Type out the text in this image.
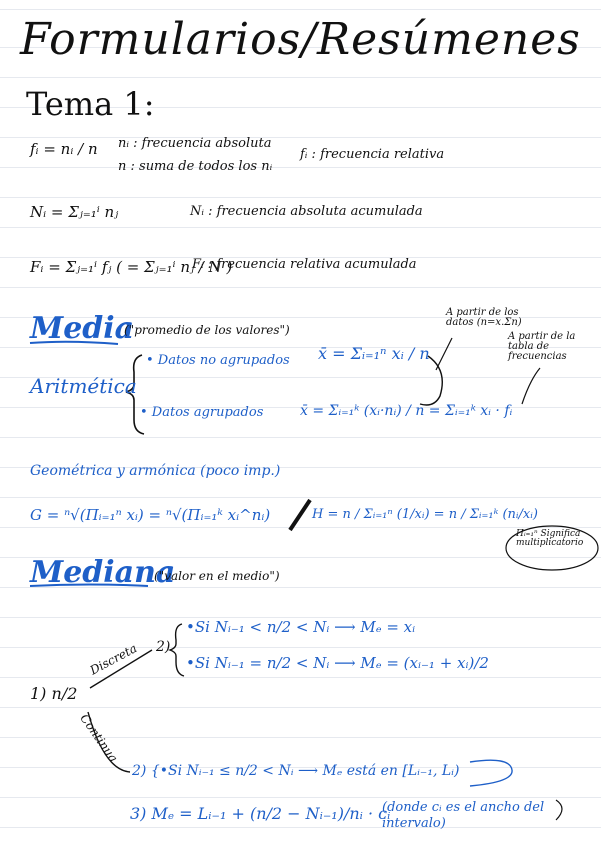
Formularios/Resúmenes
Tema 1:
fᵢ = nᵢ / n nᵢ : frecuencia absoluta
n : suma de todos los nᵢ
fᵢ : frecuencia relativa
Nᵢ = Σⱼ₌₁ⁱ nⱼ	Nᵢ : frecuencia absoluta acumulada
Fᵢ = Σⱼ₌₁ⁱ fⱼ ( = Σⱼ₌₁ⁱ nⱼ / N )
Fᵢ : frecuencia relativa acumulada
Media
("promedio de los valores")
A partir de los datos (n=x.Σn)
A partir de la tabla de frecuencias
Aritmética
• Datos no agrupados x̄ = Σᵢ₌₁ⁿ xᵢ / n
• Datos agrupados	x̄ = Σᵢ₌₁ᵏ (xᵢ·nᵢ) / n = Σᵢ₌₁ᵏ xᵢ · fᵢ
Geométrica y armónica (poco imp.)
G = ⁿ√(Πᵢ₌₁ⁿ xᵢ) = ⁿ√(Πᵢ₌₁ᵏ xᵢ^nᵢ)	H = n / Σᵢ₌₁ⁿ (1/xᵢ) = n / Σᵢ₌₁ᵏ (nᵢ/xᵢ)
Πᵢ₌₁ⁿ Significa multiplicatorio
Mediana
("valor en el medio")
1) n/2
Discreta
Continua
2)
•Si Nᵢ₋₁ < n/2 < Nᵢ ⟶ Mₑ = xᵢ
•Si Nᵢ₋₁ = n/2 < Nᵢ ⟶ Mₑ = (xᵢ₋₁ + xᵢ)/2
2) {•Si Nᵢ₋₁ ≤ n/2 < Nᵢ ⟶ Mₑ está en [Lᵢ₋₁, Lᵢ)
3) Mₑ = Lᵢ₋₁ + (n/2 − Nᵢ₋₁)/nᵢ · cᵢ
(donde cᵢ es el ancho del intervalo)
